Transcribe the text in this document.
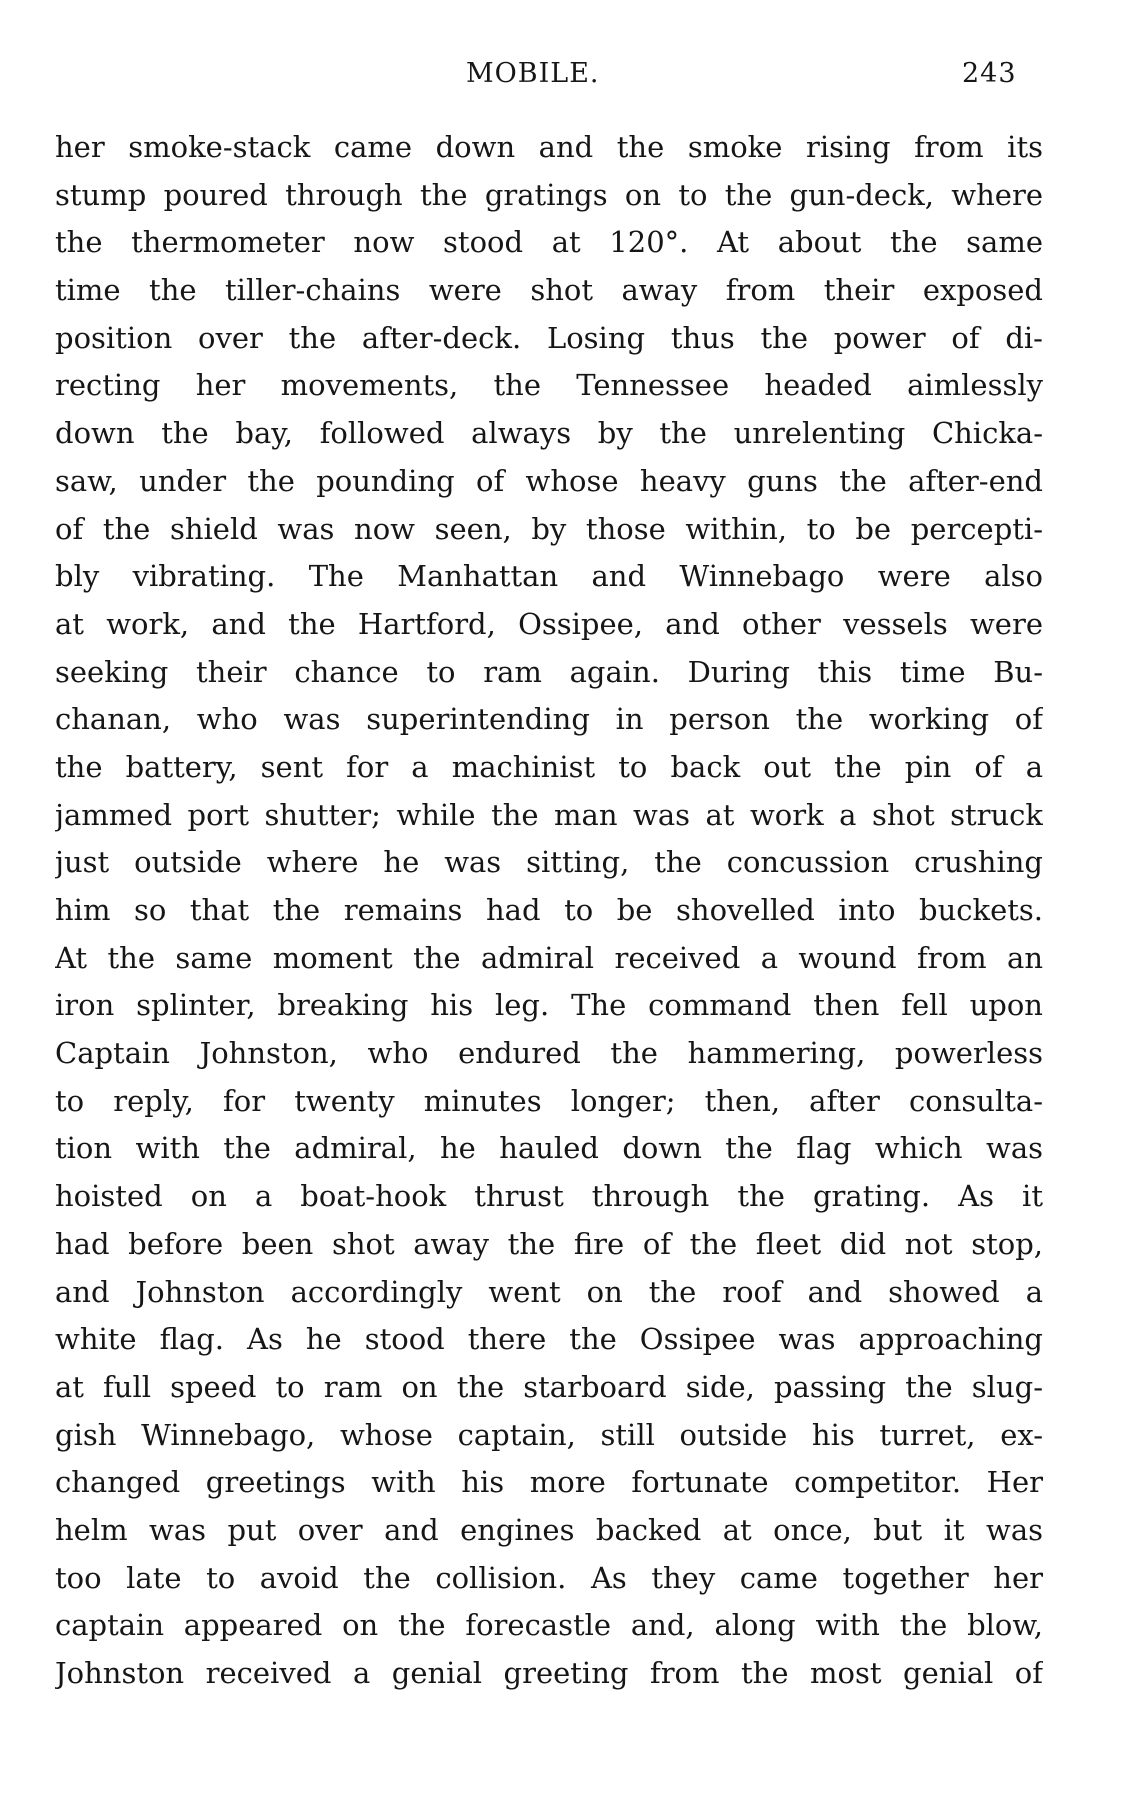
MOBILE.	243
her smoke-stack came down and the smoke rising from its
stump poured through the gratings on to the gun-deck, where
the thermometer now stood at 120°. At about the same
time the tiller-chains were shot away from their exposed
position over the after-deck. Losing thus the power of di-
recting her movements, the Tennessee headed aimlessly
down the bay, followed always by the unrelenting Chicka-
saw, under the pounding of whose heavy guns the after-end
of the shield was now seen, by those within, to be percepti-
bly vibrating. The Manhattan and Winnebago were also
at work, and the Hartford, Ossipee, and other vessels were
seeking their chance to ram again. During this time Bu-
chanan, who was superintending in person the working of
the battery, sent for a machinist to back out the pin of a
jammed port shutter; while the man was at work a shot struck
just outside where he was sitting, the concussion crushing
him so that the remains had to be shovelled into buckets.
At the same moment the admiral received a wound from an
iron splinter, breaking his leg. The command then fell upon
Captain Johnston, who endured the hammering, powerless
to reply, for twenty minutes longer; then, after consulta-
tion with the admiral, he hauled down the flag which was
hoisted on a boat-hook thrust through the grating. As it
had before been shot away the fire of the fleet did not stop,
and Johnston accordingly went on the roof and showed a
white flag. As he stood there the Ossipee was approaching
at full speed to ram on the starboard side, passing the slug-
gish Winnebago, whose captain, still outside his turret, ex-
changed greetings with his more fortunate competitor. Her
helm was put over and engines backed at once, but it was
too late to avoid the collision. As they came together her
captain appeared on the forecastle and, along with the blow,
Johnston received a genial greeting from the most genial of
